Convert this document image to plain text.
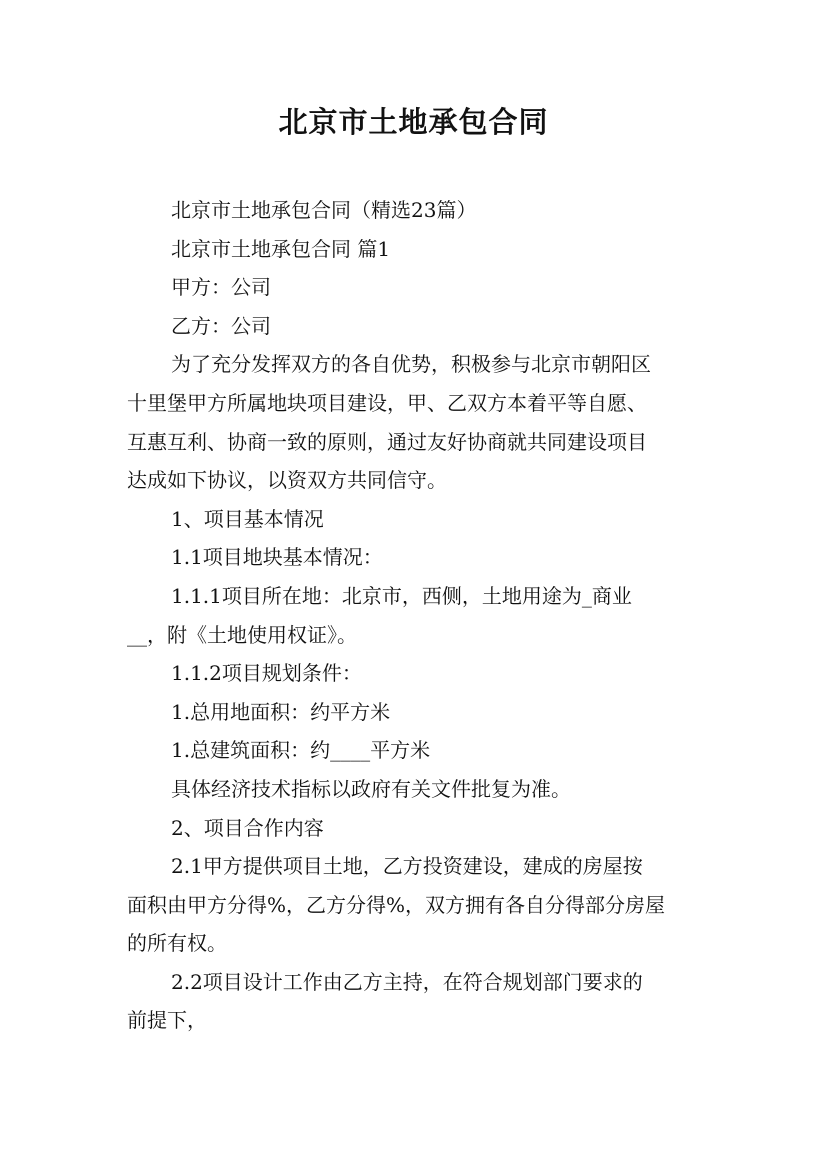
北京市土地承包合同
北京市土地承包合同（精选23篇）
北京市土地承包合同 篇1
甲方：公司
乙方：公司
为了充分发挥双方的各自优势，积极参与北京市朝阳区
十里堡甲方所属地块项目建设，甲、乙双方本着平等自愿、
互惠互利、协商一致的原则，通过友好协商就共同建设项目
达成如下协议，以资双方共同信守。
1、项目基本情况
1.1项目地块基本情况：
1.1.1项目所在地：北京市，西侧，土地用途为_商业
__，附《土地使用权证》。
1.1.2项目规划条件：
1.总用地面积：约平方米
1.总建筑面积：约____平方米
具体经济技术指标以政府有关文件批复为准。
2、项目合作内容
2.1甲方提供项目土地，乙方投资建设，建成的房屋按
面积由甲方分得%，乙方分得%，双方拥有各自分得部分房屋
的所有权。
2.2项目设计工作由乙方主持，在符合规划部门要求的
前提下，
